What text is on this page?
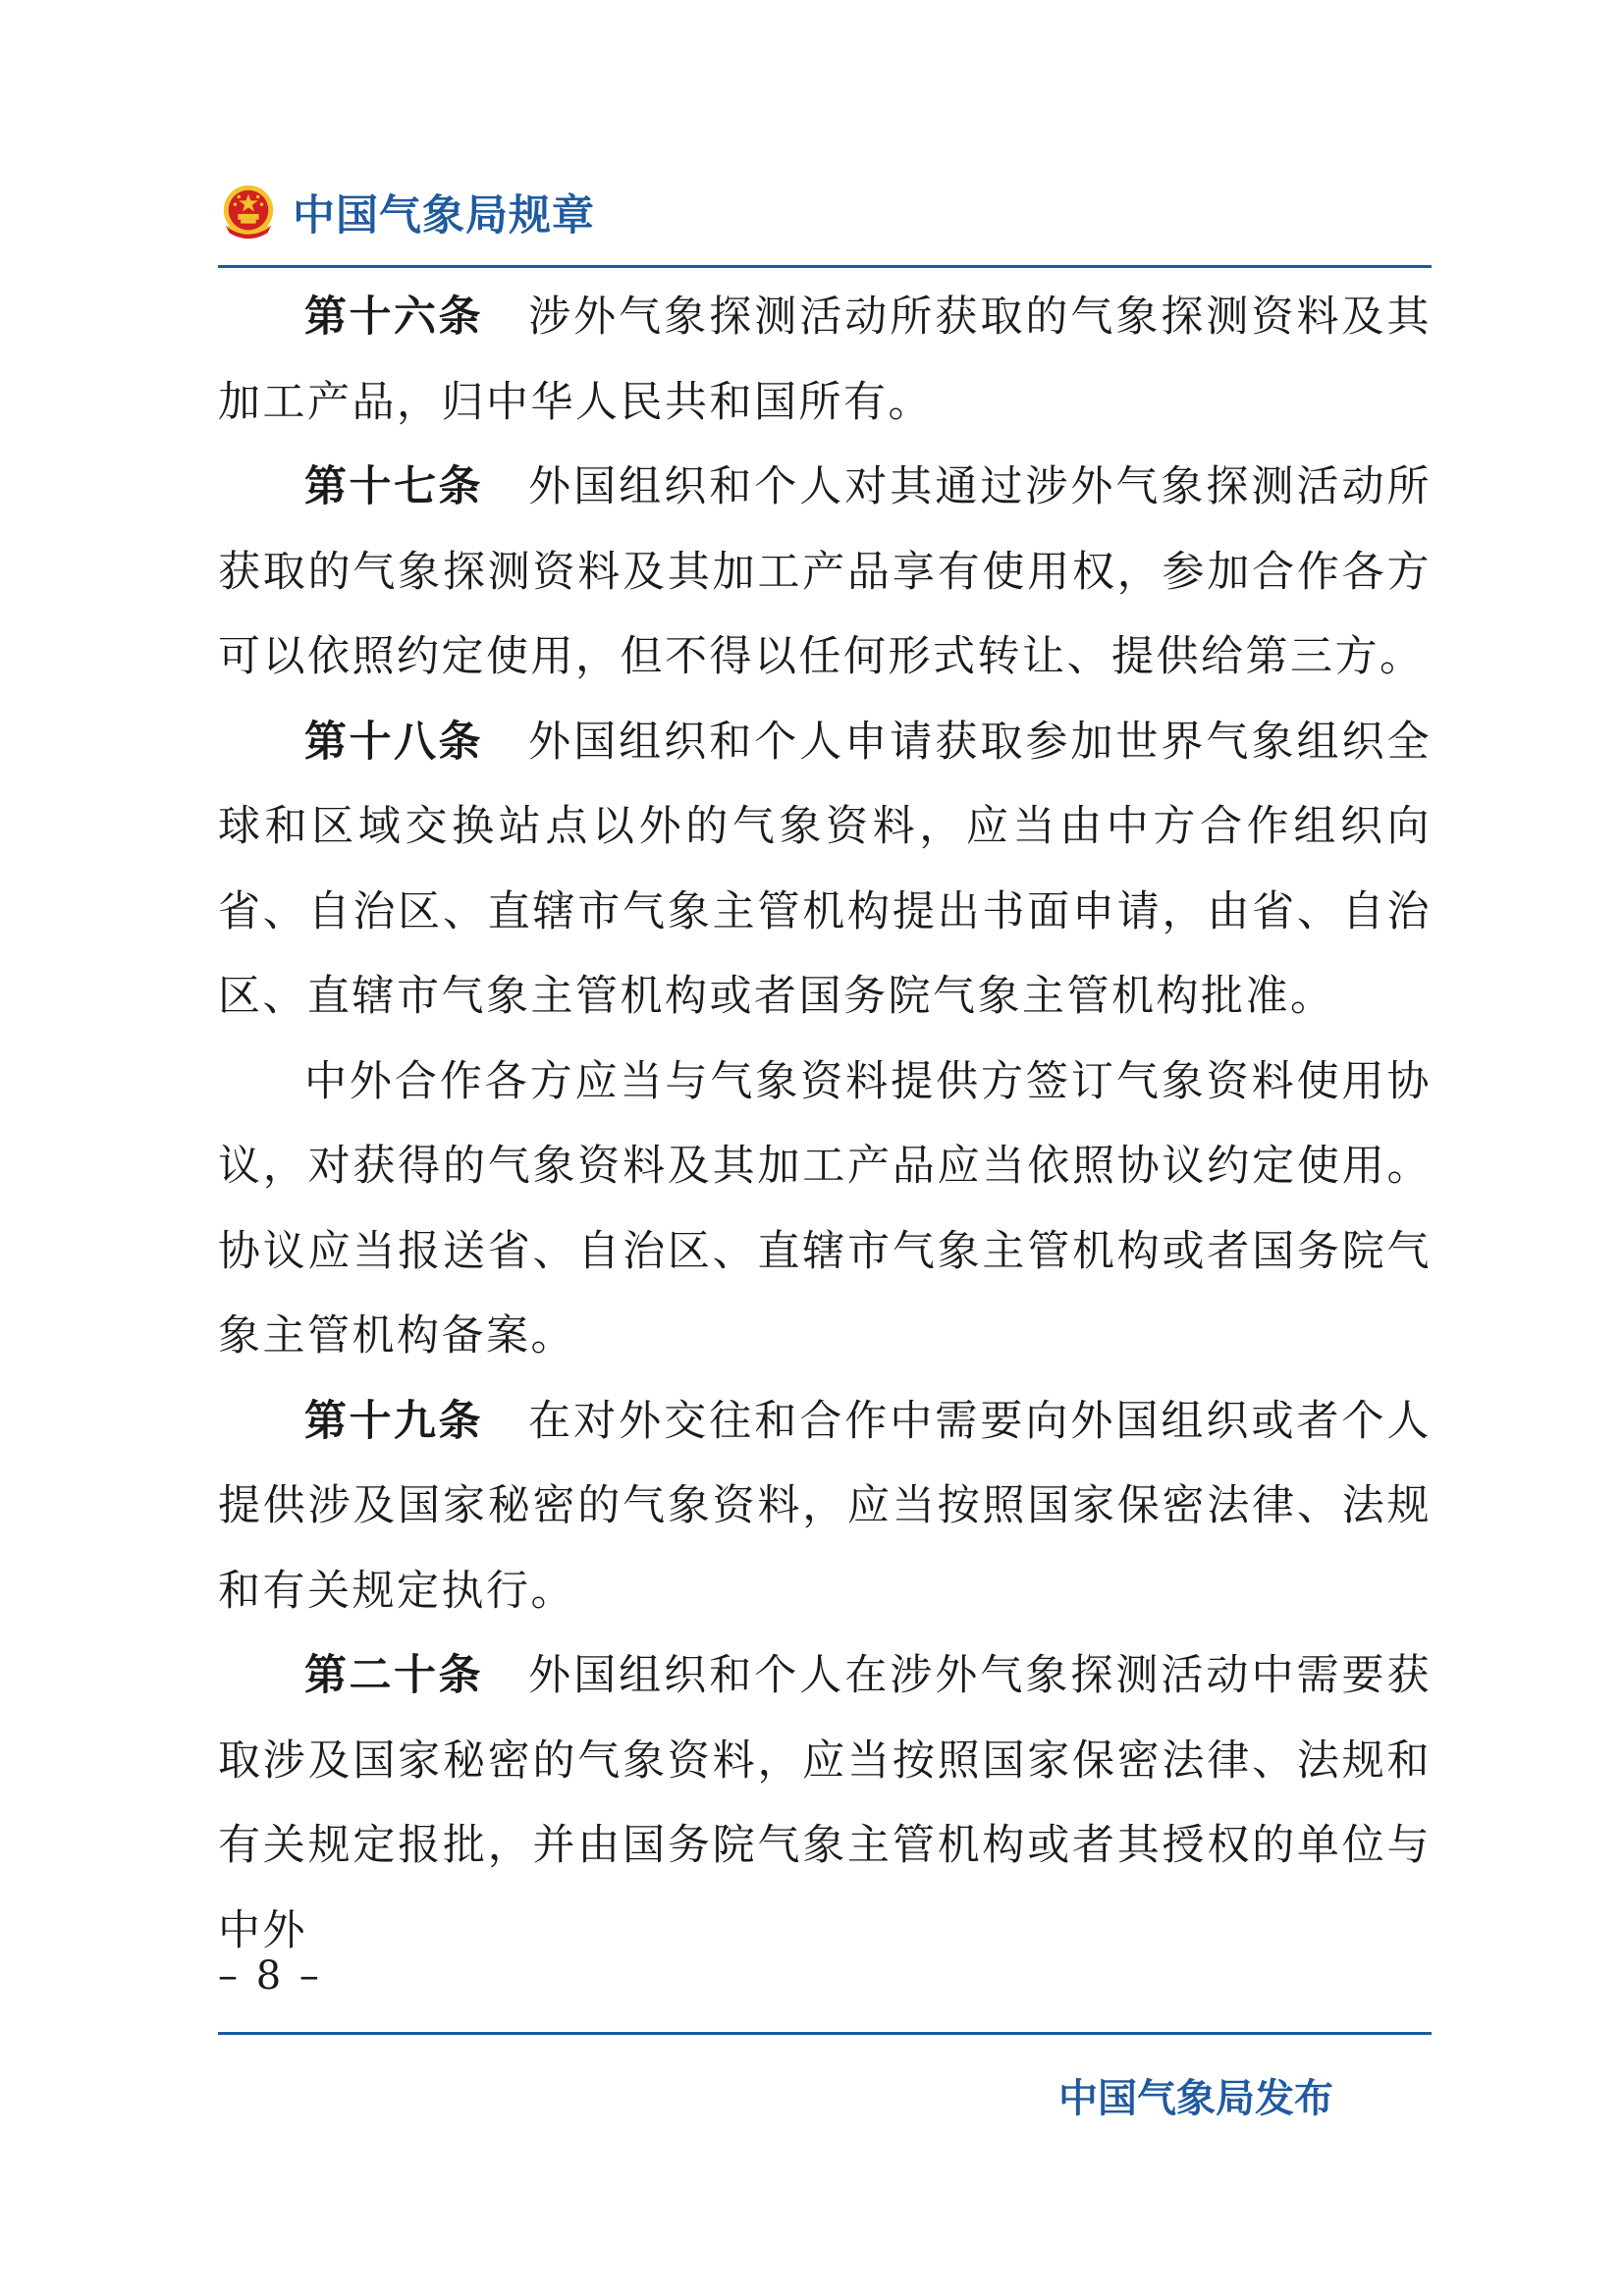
中国气象局规章

第十六条　 涉外气象探测活动所获取的气象探测资料及其加工产品，归中华人民共和国所有。

第十七条　 外国组织和个人对其通过涉外气象探测活动所获取的气象探测资料及其加工产品享有使用权，参加合作各方可以依照约定使用，但不得以任何形式转让、提供给第三方。

第十八条　 外国组织和个人申请获取参加世界气象组织全球和区域交换站点以外的气象资料，应当由中方合作组织向省、自治区、直辖市气象主管机构提出书面申请，由省、自治区、直辖市气象主管机构或者国务院气象主管机构批准。

中外合作各方应当与气象资料提供方签订气象资料使用协议，对获得的气象资料及其加工产品应当依照协议约定使用。协议应当报送省、自治区、直辖市气象主管机构或者国务院气象主管机构备案。

第十九条　 在对外交往和合作中需要向外国组织或者个人提供涉及国家秘密的气象资料，应当按照国家保密法律、法规和有关规定执行。

第二十条　 外国组织和个人在涉外气象探测活动中需要获取涉及国家秘密的气象资料，应当按照国家保密法律、法规和有关规定报批，并由国务院气象主管机构或者其授权的单位与中外

– 8 –
中国气象局发布
